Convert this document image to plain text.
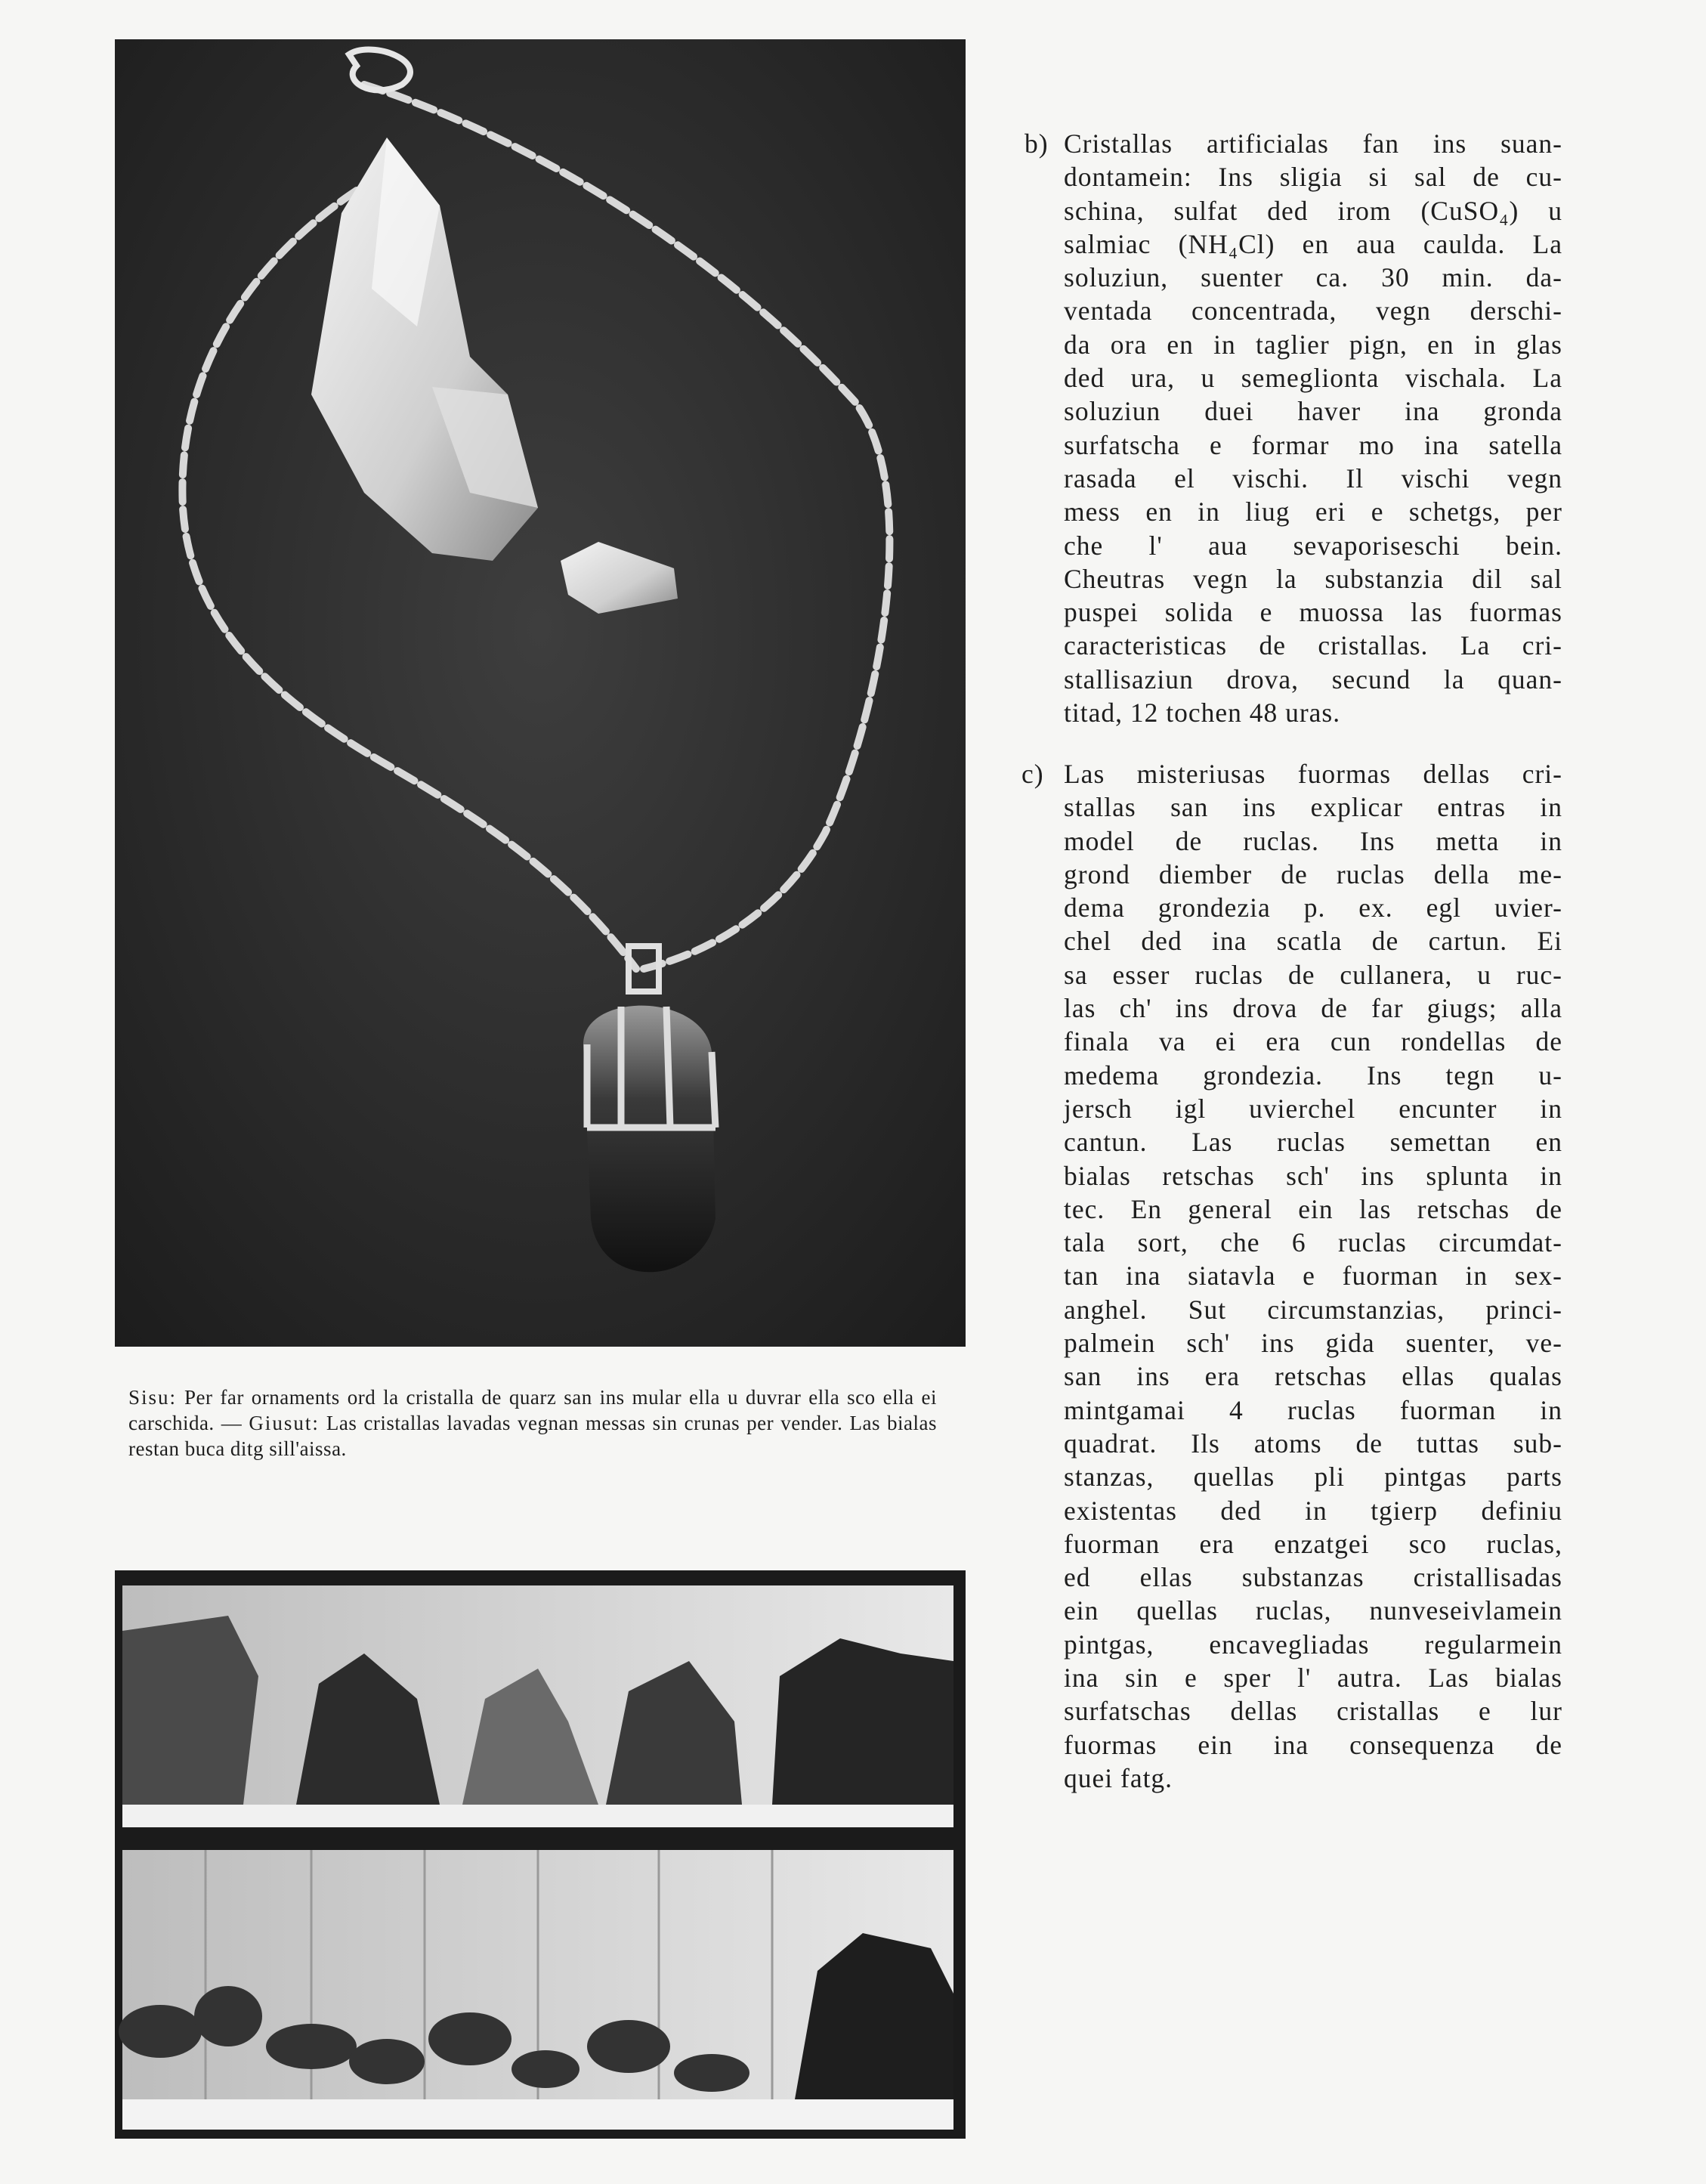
Sisu: Per far ornaments ord la cristalla de quarz san ins mular ella u duvrar ella sco ella ei carschida. — Giusut: Las cristallas lavadas vegnan messas sin crunas per vender. Las bialas restan buca ditg sill'aissa.

b) Cristallas artificialas fan ins suan-
dontamein: Ins sligia si sal de cu-
schina, sulfat ded irom (CuSO₄) u
salmiac (NH₄Cl) en aua caulda. La
soluziun, suenter ca. 30 min. da-
ventada concentrada, vegn derschi-
da ora en in taglier pign, en in glas
ded ura, u semeglionta vischala. La
soluziun duei haver ina gronda
surfatscha e formar mo ina satella
rasada el vischi. Il vischi vegn
mess en in liug eri e schetgs, per
che l' aua sevaporiseschi bein.
Cheutras vegn la substanzia dil sal
puspei solida e muossa las fuormas
caracteristicas de cristallas. La cri-
stallisaziun drova, secund la quan-
titad, 12 tochen 48 uras.
c) Las misteriusas fuormas dellas cri-
stallas san ins explicar entras in
model de ruclas. Ins metta in
grond diember de ruclas della me-
dema grondezia p. ex. egl uvier-
chel ded ina scatla de cartun. Ei
sa esser ruclas de cullanera, u ruc-
las ch' ins drova de far giugs; alla
finala va ei era cun rondellas de
medema grondezia. Ins tegn u-
jersch igl uvierchel encunter in
cantun. Las ruclas semettan en
bialas retschas sch' ins splunta in
tec. En general ein las retschas de
tala sort, che 6 ruclas circumdat-
tan ina siatavla e fuorman in sex-
anghel. Sut circumstanzias, princi-
palmein sch' ins gida suenter, ve-
san ins era retschas ellas qualas
mintgamai 4 ruclas fuorman in
quadrat. Ils atoms de tuttas sub-
stanzas, quellas pli pintgas parts
existentas ded in tgierp definiu
fuorman era enzatgei sco ruclas,
ed ellas substanzas cristallisadas
ein quellas ruclas, nunveseivlamein
pintgas, encavegliadas regularmein
ina sin e sper l' autra. Las bialas
surfatschas dellas cristallas e lur
fuormas ein ina consequenza de
quei fatg.
